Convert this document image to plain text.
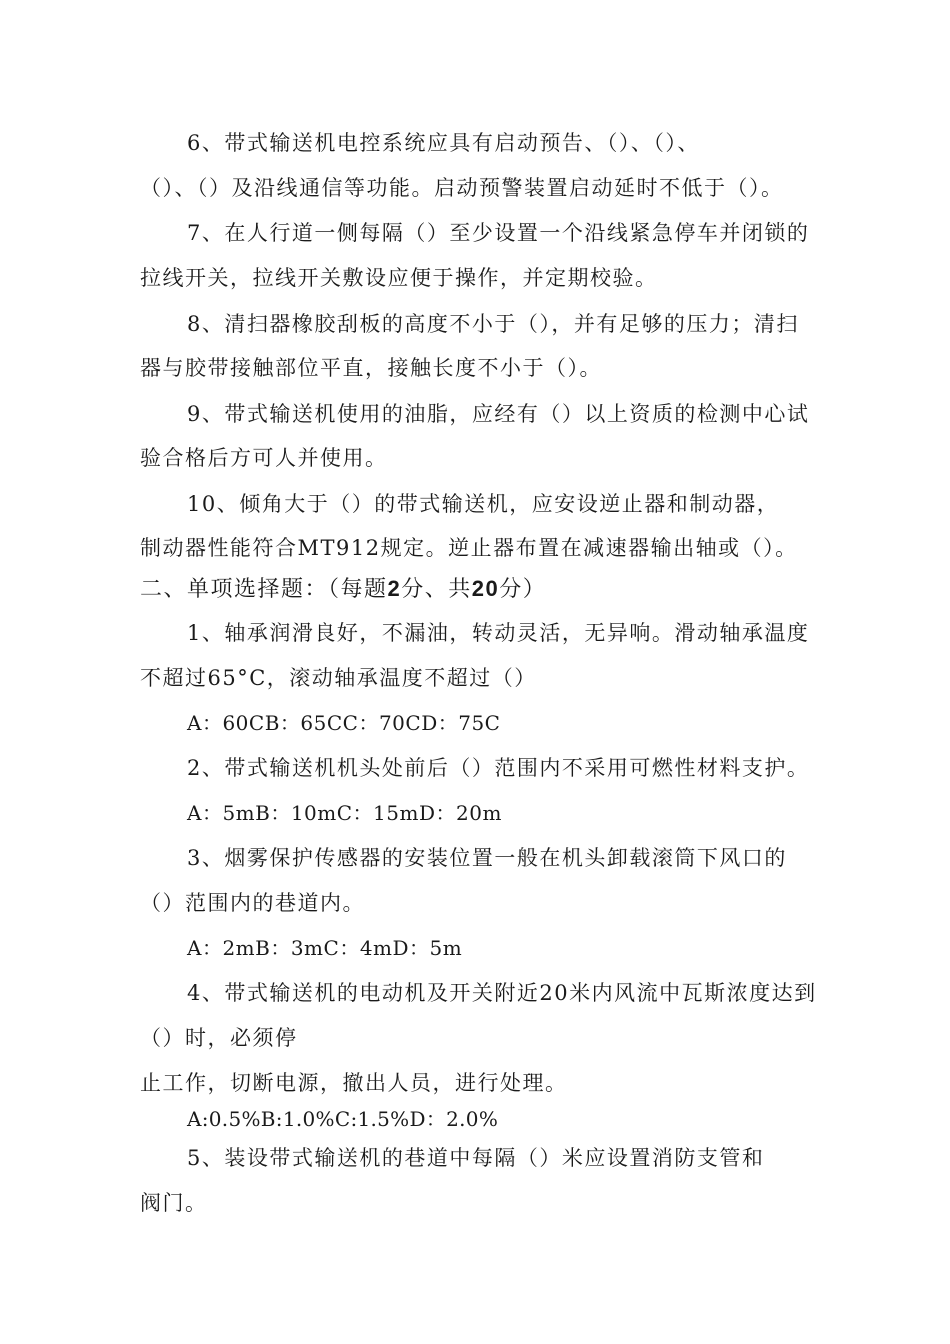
6、带式输送机电控系统应具有启动预告、（）、（）、
（）、（）及沿线通信等功能。启动预警装置启动延时不低于（）。
7、在人行道一侧每隔（）至少设置一个沿线紧急停车并闭锁的
拉线开关，拉线开关敷设应便于操作，并定期校验。
8、清扫器橡胶刮板的高度不小于（），并有足够的压力；清扫
器与胶带接触部位平直，接触长度不小于（）。
9、带式输送机使用的油脂，应经有（）以上资质的检测中心试
验合格后方可人并使用。
10、倾角大于（）的带式输送机，应安设逆止器和制动器，
制动器性能符合MT912规定。逆止器布置在减速器输出轴或（）。
二、单项选择题：（每题2分、共20分）
1、轴承润滑良好，不漏油，转动灵活，无异响。滑动轴承温度
不超过65°C，滚动轴承温度不超过（）
A：60CB：65CC：70CD：75C
2、带式输送机机头处前后（）范围内不采用可燃性材料支护。
A：5mB：10mC：15mD：20m
3、烟雾保护传感器的安装位置一般在机头卸载滚筒下风口的
（）范围内的巷道内。
A：2mB：3mC：4mD：5m
4、带式输送机的电动机及开关附近20米内风流中瓦斯浓度达到
（）时，必须停
止工作，切断电源，撤出人员，进行处理。
A:0.5%B:1.0%C:1.5%D：2.0%
5、装设带式输送机的巷道中每隔（）米应设置消防支管和
阀门。
